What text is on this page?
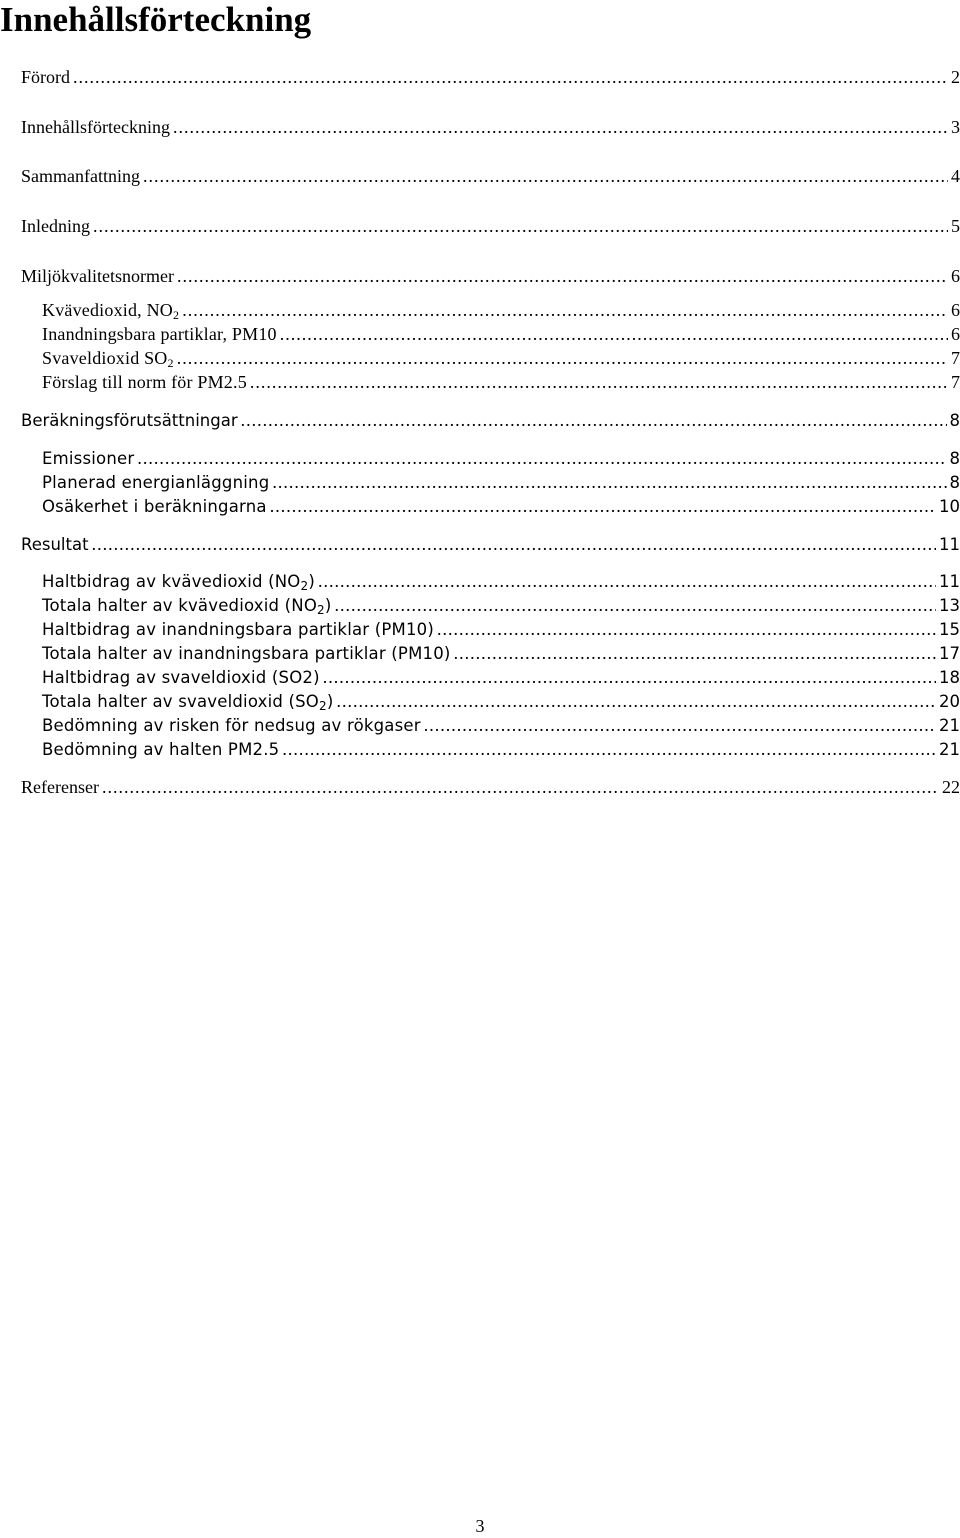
Innehållsförteckning
Förord .....	2
Innehållsförteckning .....	3
Sammanfattning .....	4
Inledning .....	5
Miljökvalitetsnormer .....	6
Kvävedioxid, $NO_2$ .....	6
Inandningsbara partiklar, PM10 .....	6
Svaveldioxid $SO_2$ .....	7
Förslag till norm för PM2.5 .....	7
Beräkningsförutsättningar .....	8
Emissioner .....	8
Planerad energianläggning .....	8
Osäkerhet i beräkningarna .....	10
Resultat .....	11
Haltbidrag av kvävedioxid $(NO_2)$ .....	11
Totala halter av kvävedioxid $(NO_2)$ .....	13
Haltbidrag av inandningsbara partiklar (PM10) .....	15
Totala halter av inandningsbara partiklar (PM10) .....	17
Haltbidrag av svaveldioxid (SO2) .....	18
Totala halter av svaveldioxid $(SO_2)$ .....	20
Bedömning av risken för nedsug av rökgaser .....	21
Bedömning av halten PM2.5 .....	21
Referenser .....	22
3
